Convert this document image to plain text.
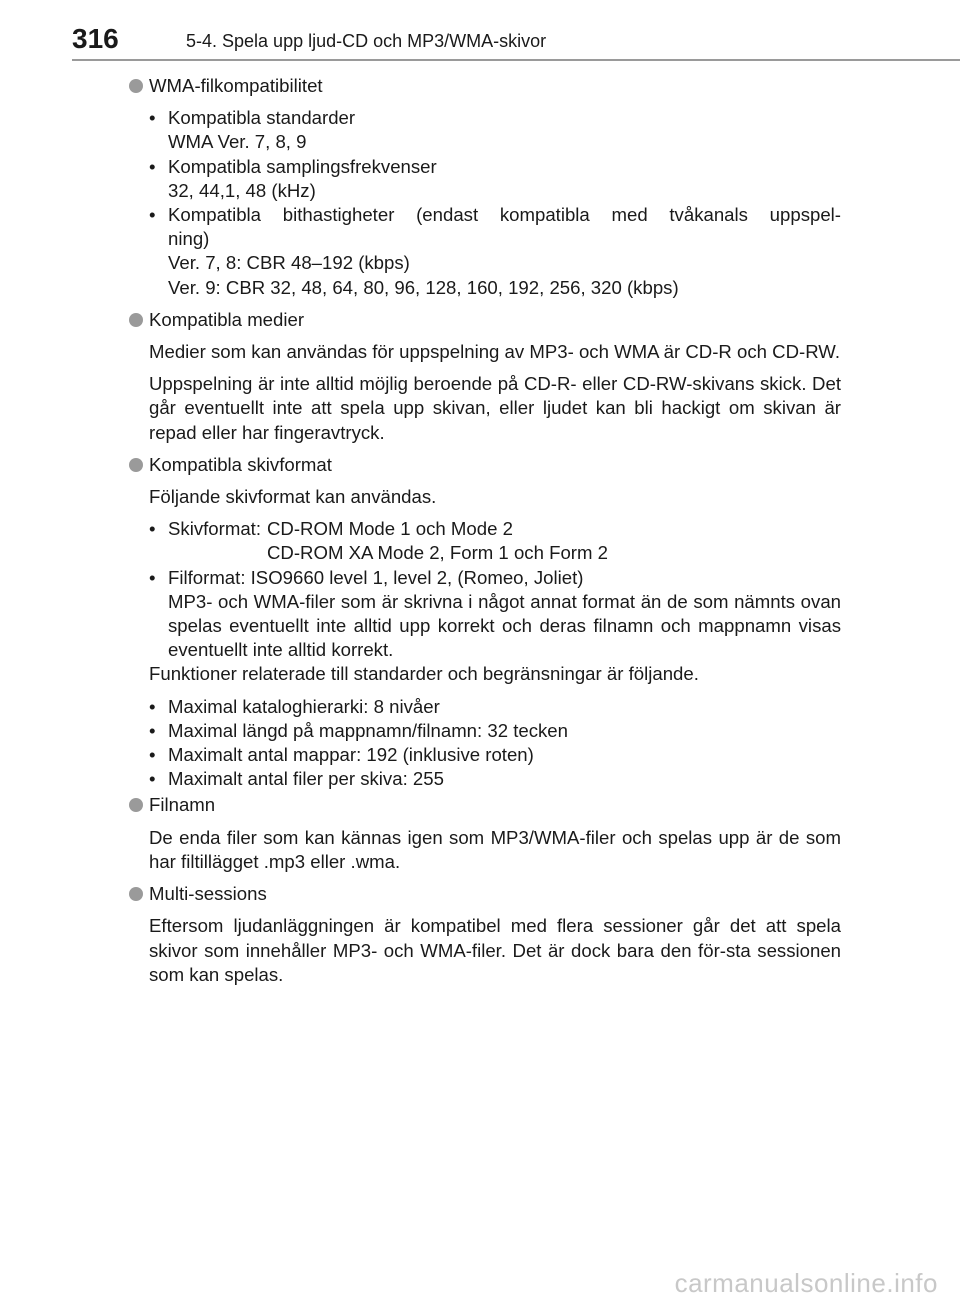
316	5-4. Spela upp ljud-CD och MP3/WMA-skivor

WMA-filkompatibilitet

• Kompatibla standarder
WMA Ver. 7, 8, 9
• Kompatibla samplingsfrekvenser
32, 44,1, 48 (kHz)
• Kompatibla bithastigheter (endast kompatibla med tvåkanals uppspel-
ning)
Ver. 7, 8: CBR 48–192 (kbps)
Ver. 9: CBR 32, 48, 64, 80, 96, 128, 160, 192, 256, 320 (kbps)

Kompatibla medier

Medier som kan användas för uppspelning av MP3- och WMA är CD-R och CD-RW.

Uppspelning är inte alltid möjlig beroende på CD-R- eller CD-RW-skivans skick. Det går eventuellt inte att spela upp skivan, eller ljudet kan bli hackigt om skivan är repad eller har fingeravtryck.

Kompatibla skivformat

Följande skivformat kan användas.

• Skivformat: CD-ROM Mode 1 och Mode 2
CD-ROM XA Mode 2, Form 1 och Form 2
• Filformat: ISO9660 level 1, level 2, (Romeo, Joliet)
MP3- och WMA-filer som är skrivna i något annat format än de som nämnts ovan spelas eventuellt inte alltid upp korrekt och deras filnamn och mappnamn visas eventuellt inte alltid korrekt.

Funktioner relaterade till standarder och begränsningar är följande.

• Maximal kataloghierarki: 8 nivåer
• Maximal längd på mappnamn/filnamn: 32 tecken
• Maximalt antal mappar: 192 (inklusive roten)
• Maximalt antal filer per skiva: 255

Filnamn

De enda filer som kan kännas igen som MP3/WMA-filer och spelas upp är de som har filtillägget .mp3 eller .wma.

Multi-sessions

Eftersom ljudanläggningen är kompatibel med flera sessioner går det att spela skivor som innehåller MP3- och WMA-filer. Det är dock bara den för-sta sessionen som kan spelas.

carmanualsonline.info
